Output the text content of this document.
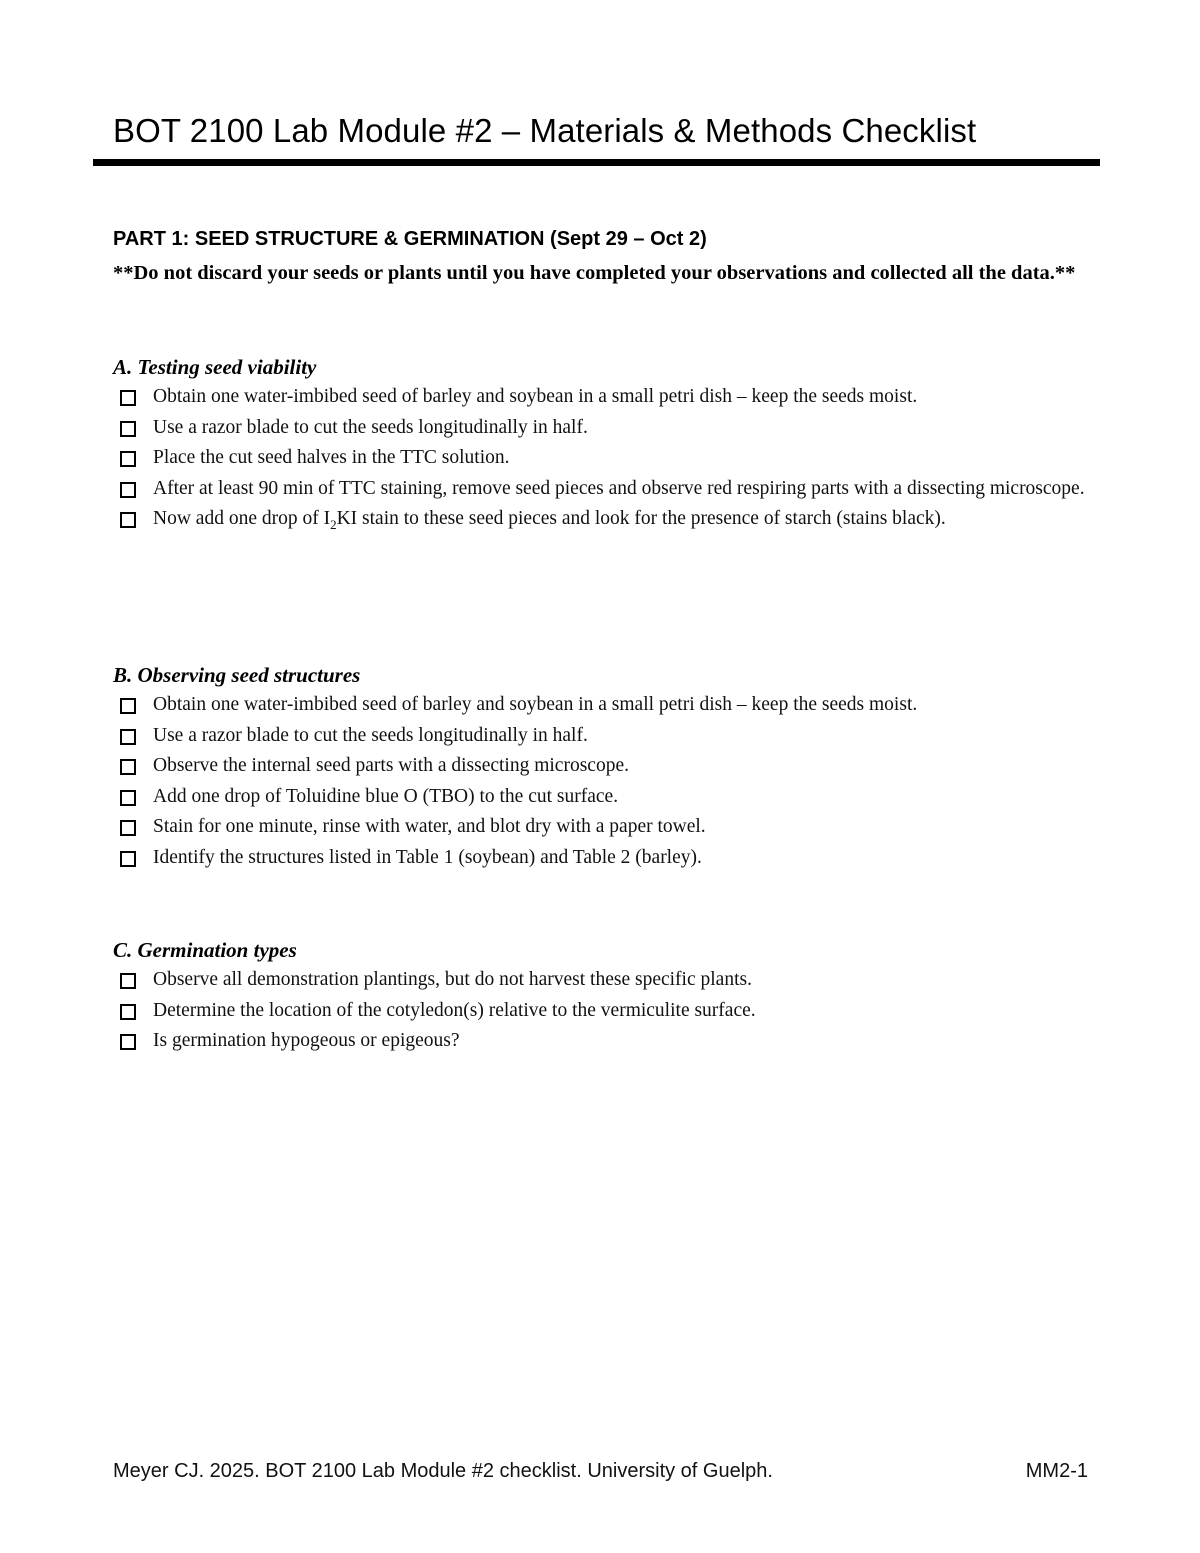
BOT 2100 Lab Module #2 – Materials & Methods Checklist
PART 1: SEED STRUCTURE & GERMINATION (Sept 29 – Oct 2)

**Do not discard your seeds or plants until you have completed your observations and collected all the data.**

A. Testing seed viability
Obtain one water-imbibed seed of barley and soybean in a small petri dish – keep the seeds moist.
Use a razor blade to cut the seeds longitudinally in half.
Place the cut seed halves in the TTC solution.
After at least 90 min of TTC staining, remove seed pieces and observe red respiring parts with a dissecting microscope.
Now add one drop of $I_2KI$ stain to these seed pieces and look for the presence of starch (stains black).
B. Observing seed structures
Obtain one water-imbibed seed of barley and soybean in a small petri dish – keep the seeds moist.
Use a razor blade to cut the seeds longitudinally in half.
Observe the internal seed parts with a dissecting microscope.
Add one drop of Toluidine blue O (TBO) to the cut surface.
Stain for one minute, rinse with water, and blot dry with a paper towel.
Identify the structures listed in Table 1 (soybean) and Table 2 (barley).
C. Germination types
Observe all demonstration plantings, but do not harvest these specific plants.
Determine the location of the cotyledon(s) relative to the vermiculite surface.
Is germination hypogeous or epigeous?
Meyer CJ. 2025. BOT 2100 Lab Module #2 checklist. University of Guelph.	MM2-1
